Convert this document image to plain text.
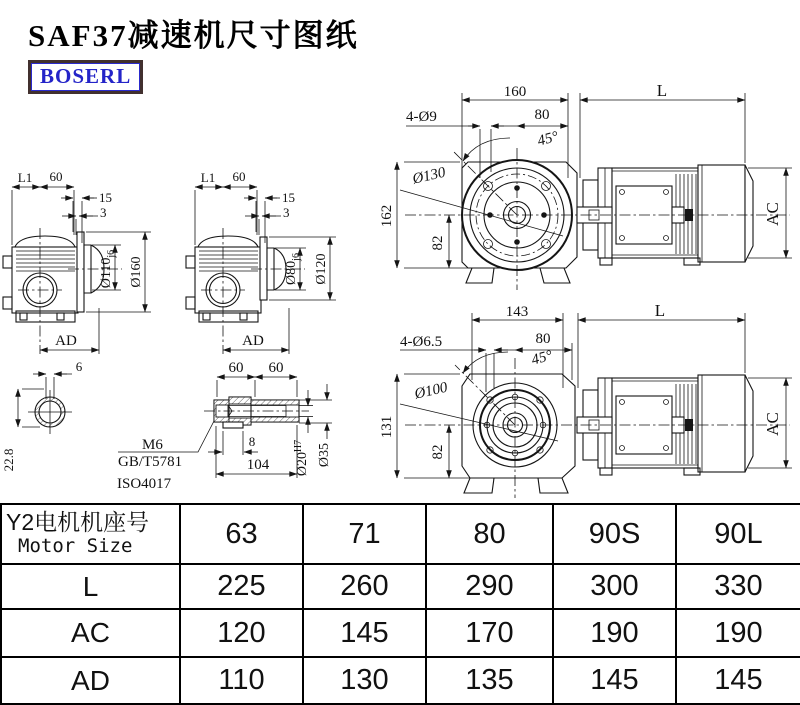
SAF37减速机尺寸图纸
BOSERL
L1 60
15
3
$Ø110_{j6}$
Ø160
AD
L1 60
15
3
$Ø80_{j6}$ Ø120
AD
160	L
4-Ø9	80
45°
Ø130
162
82
AC
143	L
4-Ø6.5	80
45°
Ø100
131
82
AC
6
22.8
60 60
M6
GB/T5781
ISO4017
8
104 $Ø20^{H7}$ Ø35
Y2电机机座号
Motor Size	63	71	80	90S	90L
L	225	260	290	300	330
AC	120	145	170	190	190
AD	110	130	135	145	145
